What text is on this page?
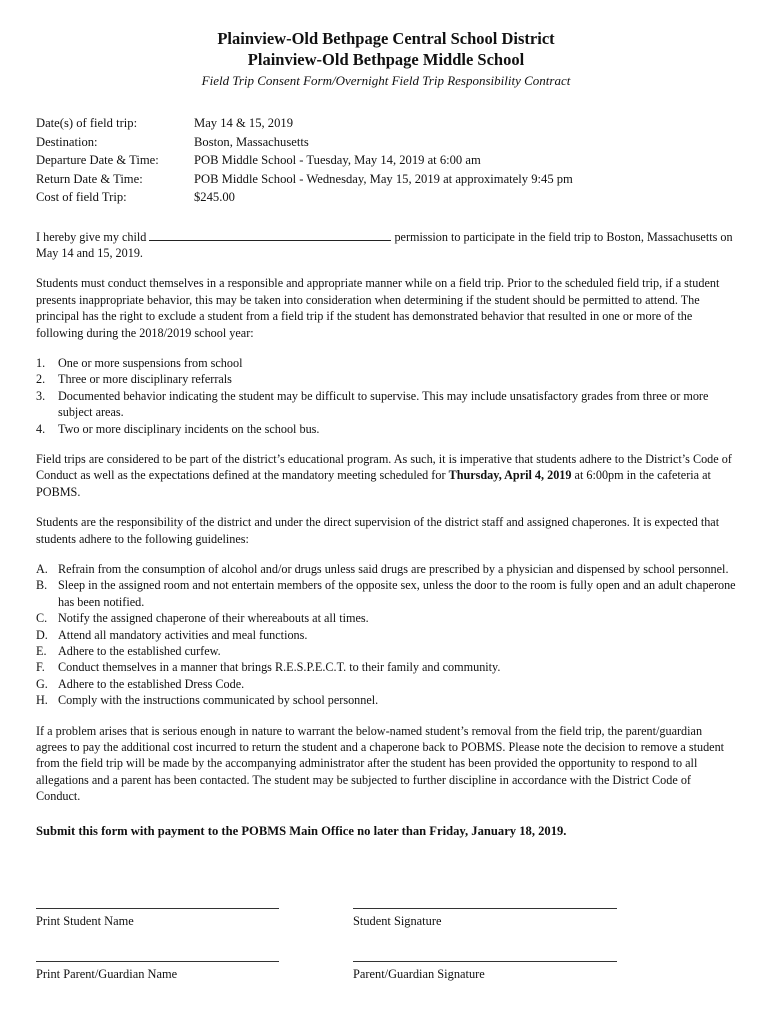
Plainview-Old Bethpage Central School District
Plainview-Old Bethpage Middle School
Field Trip Consent Form/Overnight Field Trip Responsibility Contract
Date(s) of field trip:	May 14 & 15, 2019
Destination:	Boston, Massachusetts
Departure Date & Time:	POB Middle School - Tuesday, May 14, 2019 at 6:00 am
Return Date & Time:	POB Middle School - Wednesday, May 15, 2019 at approximately 9:45 pm
Cost of field Trip:	$245.00
I hereby give my child	permission to participate in the field trip to Boston, Massachusetts on May 14 and 15, 2019.
Students must conduct themselves in a responsible and appropriate manner while on a field trip. Prior to the scheduled field trip, if a student presents inappropriate behavior, this may be taken into consideration when determining if the student should be permitted to attend. The principal has the right to exclude a student from a field trip if the student has demonstrated behavior that resulted in one or more of the following during the 2018/2019 school year:
1. One or more suspensions from school
2. Three or more disciplinary referrals
3. Documented behavior indicating the student may be difficult to supervise. This may include unsatisfactory grades from three or more subject areas.
4. Two or more disciplinary incidents on the school bus.
Field trips are considered to be part of the district’s educational program. As such, it is imperative that students adhere to the District’s Code of Conduct as well as the expectations defined at the mandatory meeting scheduled for Thursday, April 4, 2019 at 6:00pm in the cafeteria at POBMS.
Students are the responsibility of the district and under the direct supervision of the district staff and assigned chaperones. It is expected that students adhere to the following guidelines:
A. Refrain from the consumption of alcohol and/or drugs unless said drugs are prescribed by a physician and dispensed by school personnel.
B. Sleep in the assigned room and not entertain members of the opposite sex, unless the door to the room is fully open and an adult chaperone has been notified.
C. Notify the assigned chaperone of their whereabouts at all times.
D. Attend all mandatory activities and meal functions.
E. Adhere to the established curfew.
F. Conduct themselves in a manner that brings R.E.S.P.E.C.T. to their family and community.
G. Adhere to the established Dress Code.
H. Comply with the instructions communicated by school personnel.
If a problem arises that is serious enough in nature to warrant the below-named student’s removal from the field trip, the parent/guardian agrees to pay the additional cost incurred to return the student and a chaperone back to POBMS. Please note the decision to remove a student from the field trip will be made by the accompanying administrator after the student has been provided the opportunity to respond to all allegations and a parent has been contacted. The student may be subjected to further discipline in accordance with the District Code of Conduct.
Submit this form with payment to the POBMS Main Office no later than Friday, January 18, 2019.
Print Student Name	Student Signature
Print Parent/Guardian Name	Parent/Guardian Signature
